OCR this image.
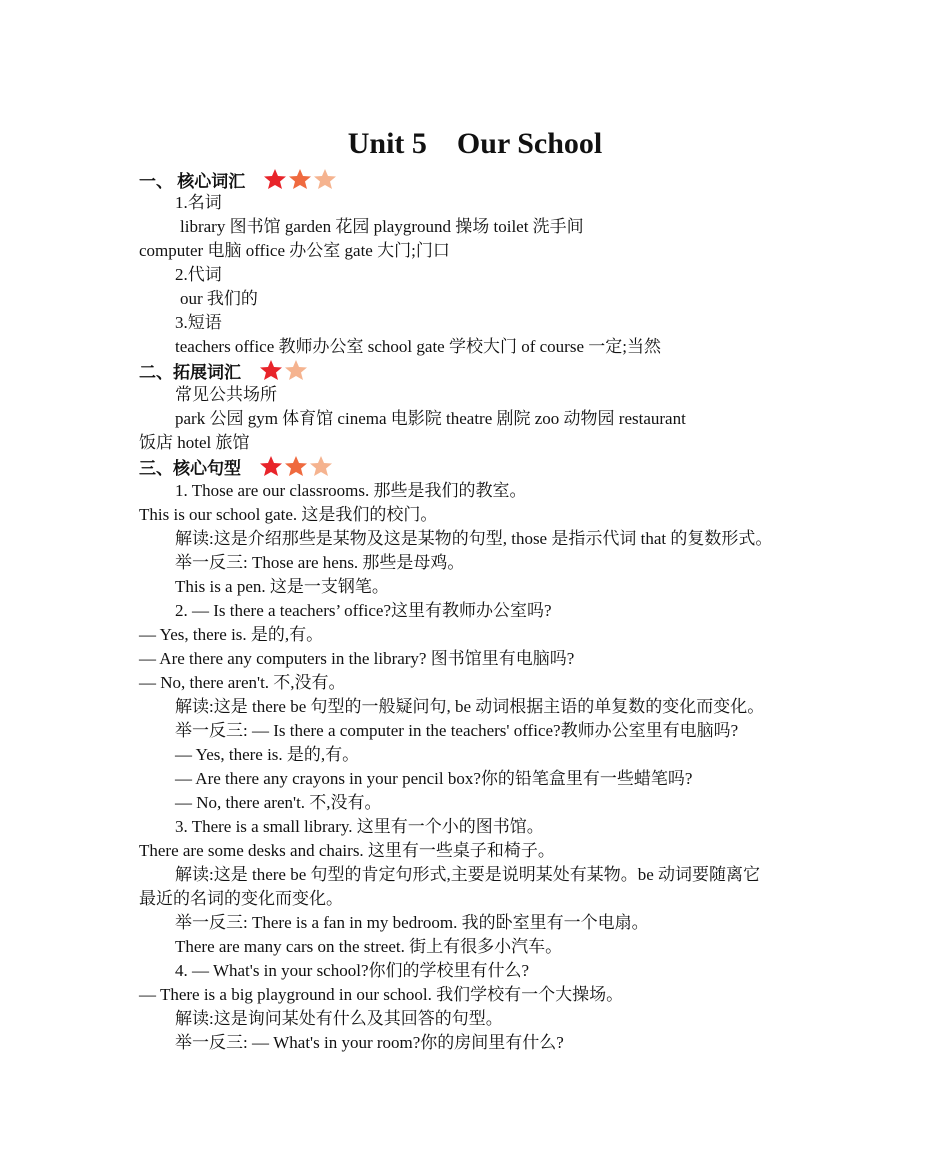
Unit 5    Our School
一、 核心词汇
1.名词
library 图书馆 garden 花园 playground 操场 toilet 洗手间
computer 电脑 office 办公室 gate 大门;门口
2.代词
our 我们的
3.短语
teachers office 教师办公室 school gate 学校大门 of course 一定;当然
二、拓展词汇
常见公共场所
park 公园 gym 体育馆 cinema 电影院 theatre 剧院 zoo 动物园 restaurant
饭店 hotel 旅馆
三、核心句型
1. Those are our classrooms. 那些是我们的教室。
This is our school gate. 这是我们的校门。
解读:这是介绍那些是某物及这是某物的句型, those 是指示代词 that 的复数形式。
举一反三: Those are hens. 那些是母鸡。
This is a pen. 这是一支钢笔。
2. — Is there a teachers’ office?这里有教师办公室吗?
— Yes, there is. 是的,有。
— Are there any computers in the library? 图书馆里有电脑吗?
— No, there aren't. 不,没有。
解读:这是 there be 句型的一般疑问句, be 动词根据主语的单复数的变化而变化。
举一反三: — Is there a computer in the teachers' office?教师办公室里有电脑吗?
— Yes, there is. 是的,有。
— Are there any crayons in your pencil box?你的铅笔盒里有一些蜡笔吗?
— No, there aren't. 不,没有。
3. There is a small library. 这里有一个小的图书馆。
There are some desks and chairs. 这里有一些桌子和椅子。
解读:这是 there be 句型的肯定句形式,主要是说明某处有某物。be 动词要随离它
最近的名词的变化而变化。
举一反三: There is a fan in my bedroom. 我的卧室里有一个电扇。
There are many cars on the street. 街上有很多小汽车。
4. — What's in your school?你们的学校里有什么?
— There is a big playground in our school. 我们学校有一个大操场。
解读:这是询问某处有什么及其回答的句型。
举一反三: — What's in your room?你的房间里有什么?
